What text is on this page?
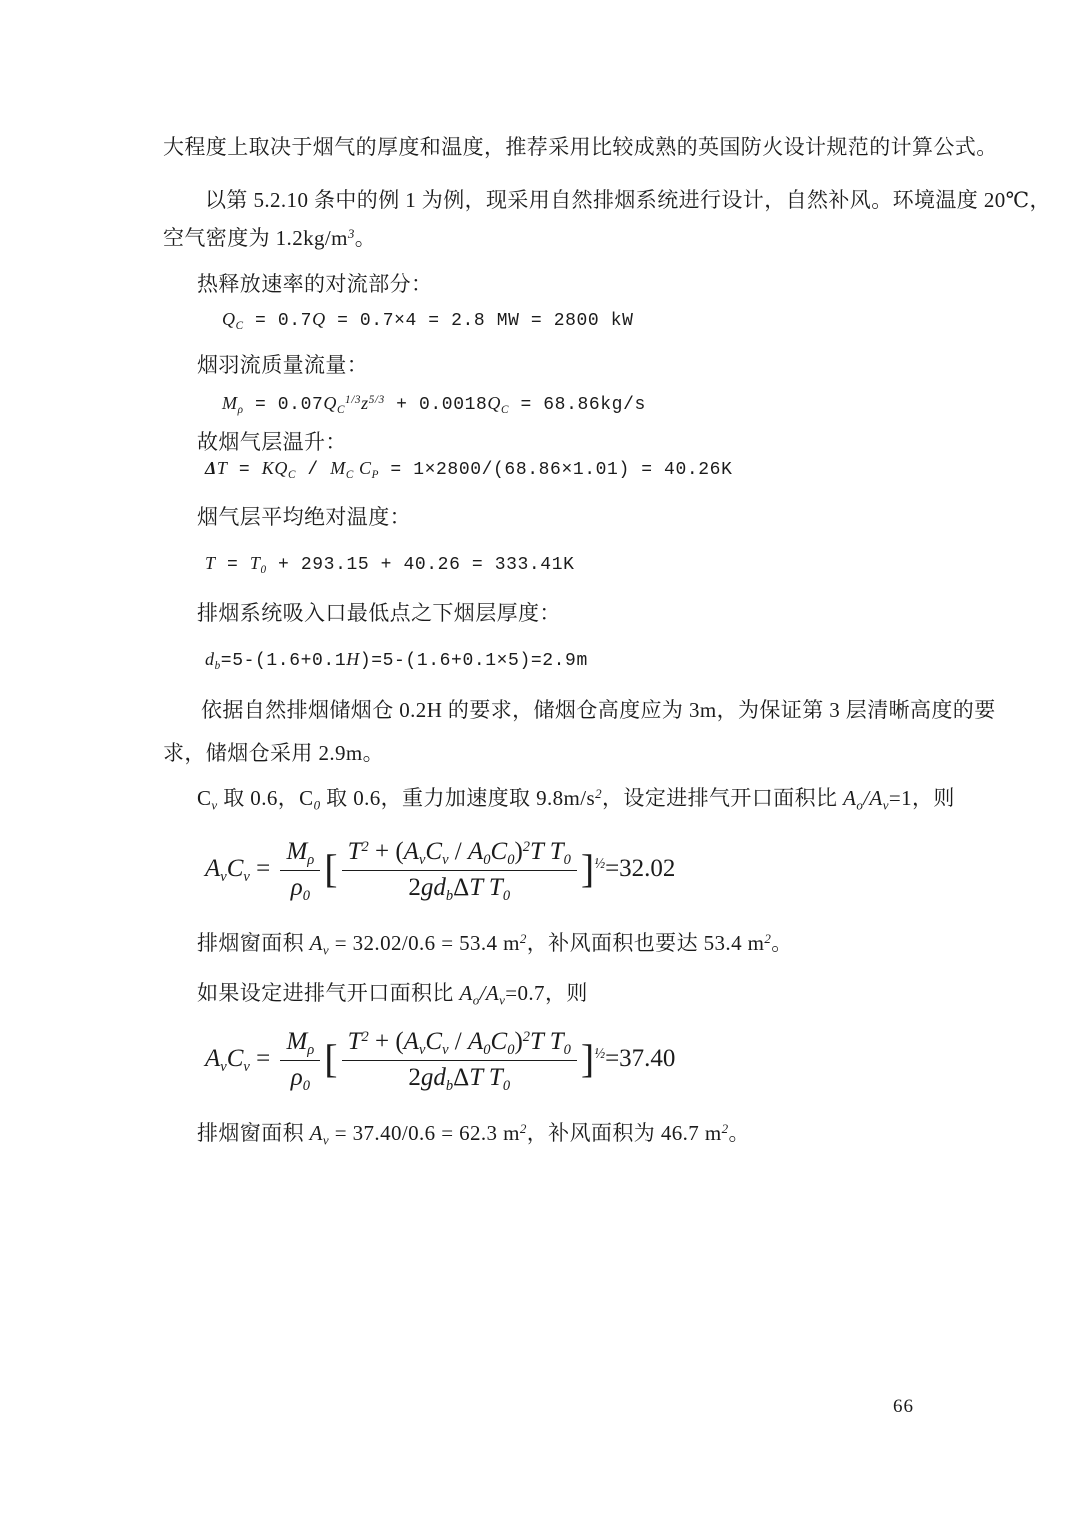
大程度上取决于烟气的厚度和温度，推荐采用比较成熟的英国防火设计规范的计算公式。
以第 5.2.10 条中的例 1 为例，现采用自然排烟系统进行设计，自然补风。环境温度 20℃，
空气密度为 $1.2kg/m^3$。
热释放速率的对流部分：
$Q_C = 0.7Q = 0.7\times 4 = 2.8$ MW = 2800 kW
烟羽流质量流量：
$M_\rho = 0.07Q_C^{1/3}z^{5/3} + 0.0018Q_C = 68.86kg/s$
故烟气层温升：
$\Delta T = KQ_C / M_C$ $C_P = 1\times 2800/(68.86\times 1.01) = 40.26K$
烟气层平均绝对温度：
$T = T_0 + 293.15 + 40.26 = 333.41K$
排烟系统吸入口最低点之下烟层厚度：
$d_b=5-(1.6+0.1H)=5-(1.6+0.1\times 5)=2.9m$
依据自然排烟储烟仓 0.2H 的要求，储烟仓高度应为 3m，为保证第 3 层清晰高度的要
求，储烟仓采用 2.9m。
$C_v$ 取 0.6，$C_0$ 取 0.6，重力加速度取 $9.8m/s^2$，设定进排气开口面积比 $A_o/A_v=1$，则
$A_vC_v = \frac{M_\rho}{\rho_0}$ [ $\frac{T^2 + (A_vC_v / A_0C_0)^2T T_0}{2gd_b\Delta T T_0} ]^{\frac{1}{2}}=32.02$
排烟窗面积 $A_v = 32.02/0.6 = 53.4$ $m^2$，补风面积也要达 53.4 $m^2$。
如果设定进排气开口面积比 $A_o/A_v=0.7$，则
$A_vC_v = \frac{M_\rho}{\rho_0}$ [ $\frac{T^2 + (A_vC_v / A_0C_0)^2T T_0}{2gd_b\Delta T T_0} ]^{\frac{1}{2}}=37.40$
排烟窗面积 $A_v = 37.40/0.6 = 62.3$ $m^2$，补风面积为 46.7 $m^2$。
66
